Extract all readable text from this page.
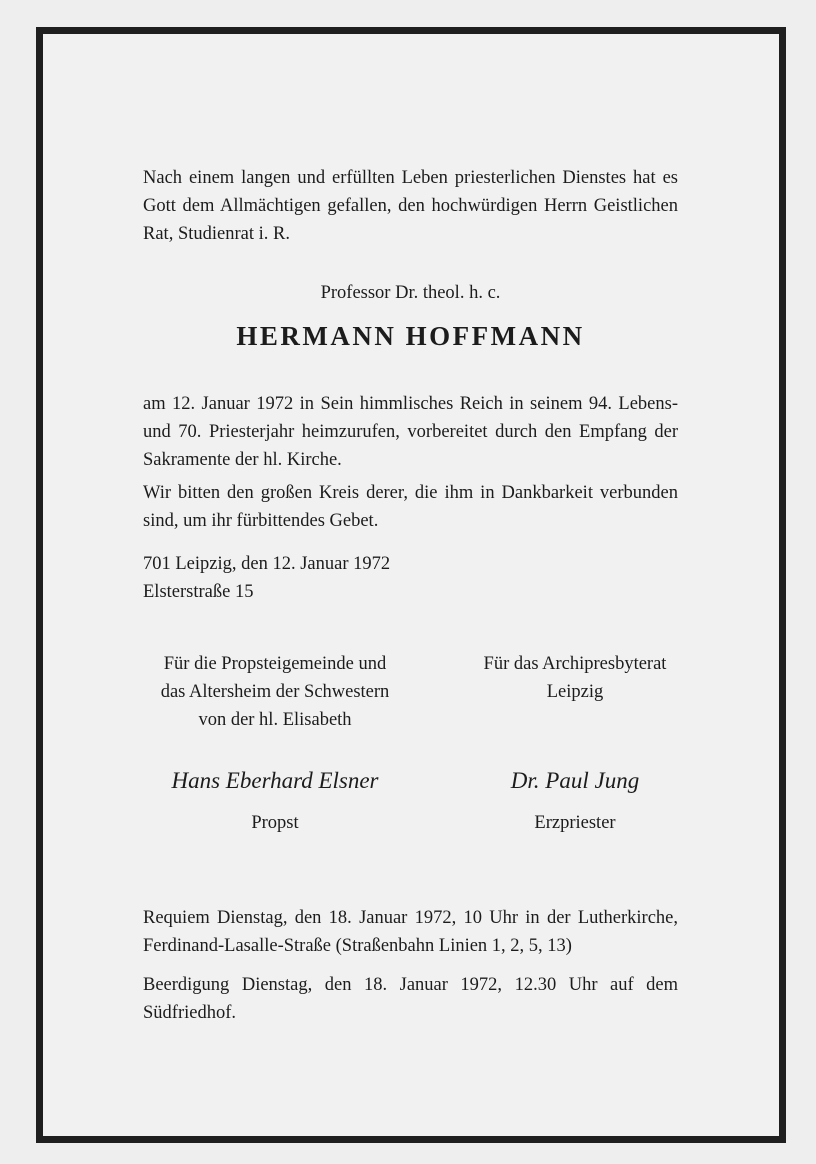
Nach einem langen und erfüllten Leben priesterlichen Dienstes hat es Gott dem Allmächtigen gefallen, den hochwürdigen Herrn Geistlichen Rat, Studienrat i. R.

Professor Dr. theol. h. c.

HERMANN HOFFMANN

am 12. Januar 1972 in Sein himmlisches Reich in seinem 94. Lebens- und 70. Priesterjahr heimzurufen, vorbereitet durch den Empfang der Sakramente der hl. Kirche.

Wir bitten den großen Kreis derer, die ihm in Dankbarkeit verbunden sind, um ihr fürbittendes Gebet.

701 Leipzig, den 12. Januar 1972

Elsterstraße 15

Für die Propsteigemeinde und
das Altersheim der Schwestern
von der hl. Elisabeth
Für das Archipresbyterat
Leipzig
Hans Eberhard Elsner	Dr. Paul Jung
Propst	Erzpriester

Requiem Dienstag, den 18. Januar 1972, 10 Uhr in der Lutherkirche, Ferdinand-Lasalle-Straße (Straßenbahn Linien 1, 2, 5, 13)

Beerdigung Dienstag, den 18. Januar 1972, 12.30 Uhr auf dem Südfriedhof.
